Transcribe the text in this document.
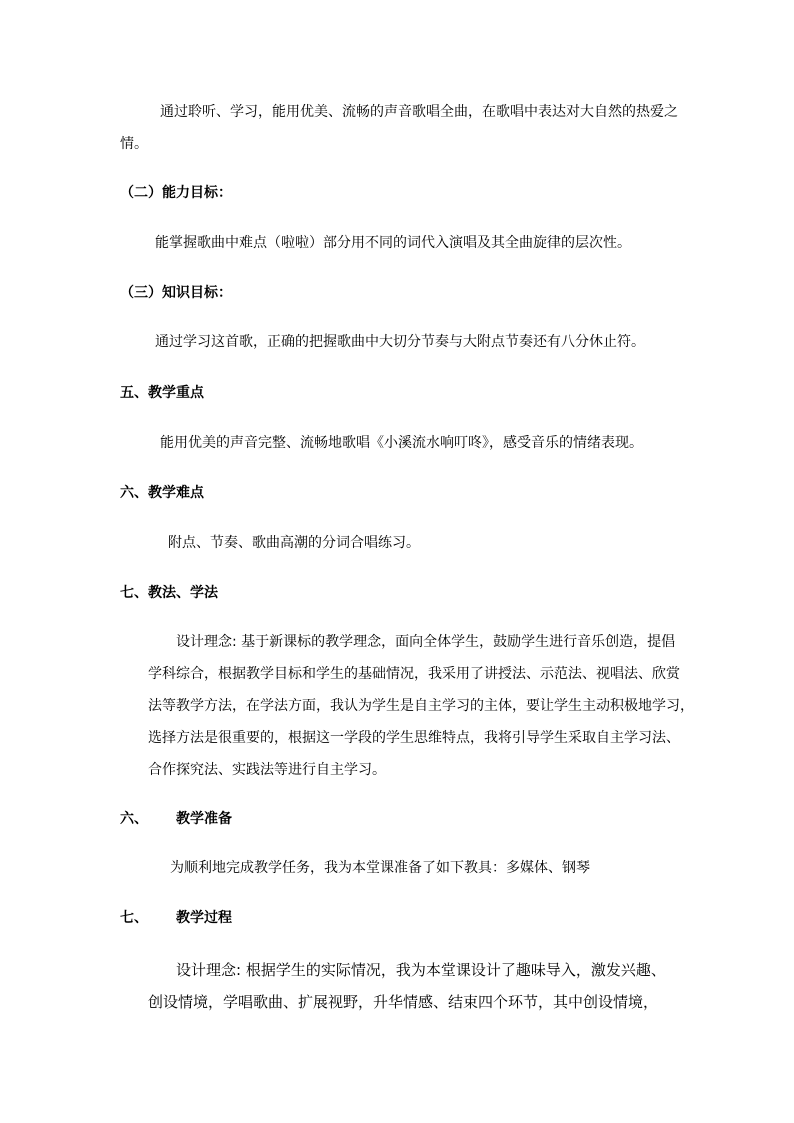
通过聆听、学习，能用优美、流畅的声音歌唱全曲，在歌唱中表达对大自然的热爱之
情。
（二）能力目标：
能掌握歌曲中难点（啦啦）部分用不同的词代入演唱及其全曲旋律的层次性。
（三）知识目标：
通过学习这首歌，正确的把握歌曲中大切分节奏与大附点节奏还有八分休止符。
五、教学重点
能用优美的声音完整、流畅地歌唱《小溪流水响叮咚》，感受音乐的情绪表现。
六、教学难点
附点、节奏、歌曲高潮的分词合唱练习。
七、教法、学法
设计理念: 基于新课标的教学理念，面向全体学生，鼓励学生进行音乐创造，提倡
学科综合，根据教学目标和学生的基础情况，我采用了讲授法、示范法、视唱法、欣赏
法等教学方法，在学法方面，我认为学生是自主学习的主体，要让学生主动积极地学习，
选择方法是很重要的，根据这一学段的学生思维特点，我将引导学生采取自主学习法、
合作探究法、实践法等进行自主学习。
六、 教学准备
为顺利地完成教学任务，我为本堂课准备了如下教具：多媒体、钢琴
七、 教学过程
设计理念: 根据学生的实际情况，我为本堂课设计了趣味导入，激发兴趣、
创设情境，学唱歌曲、扩展视野，升华情感、结束四个环节，其中创设情境，
